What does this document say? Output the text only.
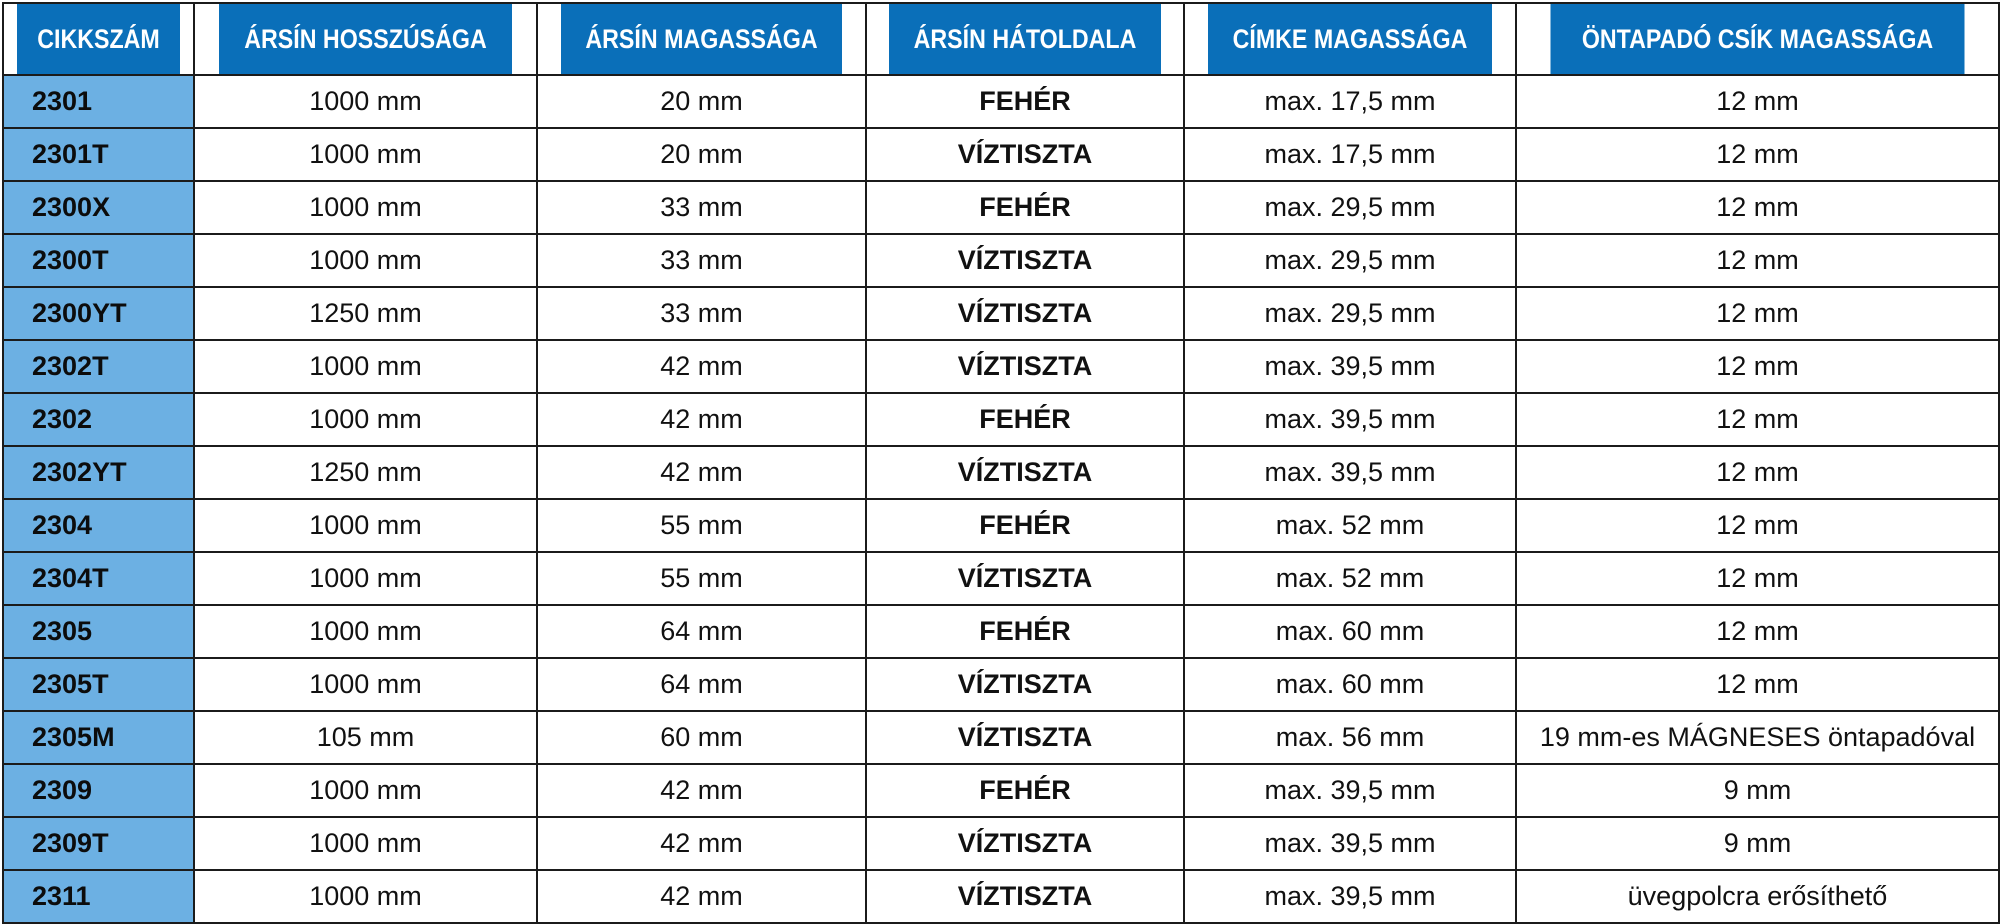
CIKKSZÁM	ÁRSÍN HOSSZÚSÁGA	ÁRSÍN MAGASSÁGA	ÁRSÍN HÁTOLDALA	CÍMKE MAGASSÁGA	ÖNTAPADÓ CSÍK MAGASSÁGA
2301	1000 mm	20 mm	FEHÉR	max. 17,5 mm	12 mm
2301T	1000 mm	20 mm	VÍZTISZTA	max. 17,5 mm	12 mm
2300X	1000 mm	33 mm	FEHÉR	max. 29,5 mm	12 mm
2300T	1000 mm	33 mm	VÍZTISZTA	max. 29,5 mm	12 mm
2300YT	1250 mm	33 mm	VÍZTISZTA	max. 29,5 mm	12 mm
2302T	1000 mm	42 mm	VÍZTISZTA	max. 39,5 mm	12 mm
2302	1000 mm	42 mm	FEHÉR	max. 39,5 mm	12 mm
2302YT	1250 mm	42 mm	VÍZTISZTA	max. 39,5 mm	12 mm
2304	1000 mm	55 mm	FEHÉR	max. 52 mm	12 mm
2304T	1000 mm	55 mm	VÍZTISZTA	max. 52 mm	12 mm
2305	1000 mm	64 mm	FEHÉR	max. 60 mm	12 mm
2305T	1000 mm	64 mm	VÍZTISZTA	max. 60 mm	12 mm
2305M	105 mm	60 mm	VÍZTISZTA	max. 56 mm	19 mm-es MÁGNESES öntapadóval
2309	1000 mm	42 mm	FEHÉR	max. 39,5 mm	9 mm
2309T	1000 mm	42 mm	VÍZTISZTA	max. 39,5 mm	9 mm
2311	1000 mm	42 mm	VÍZTISZTA	max. 39,5 mm	üvegpolcra erősíthető
